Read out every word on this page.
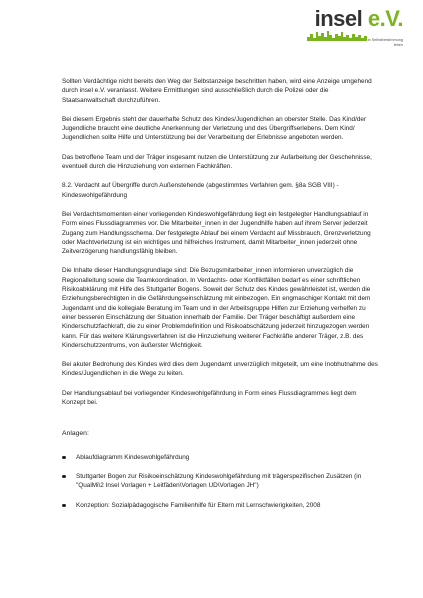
insel e.V.
in Selbstbestimmung
leben

Sollten Verdächtige nicht bereits den Weg der Selbstanzeige beschritten haben, wird eine Anzeige umgehend durch insel e.V. veranlasst. Weitere Ermittlungen sind ausschließlich durch die Polizei oder die Staatsanwaltschaft durchzuführen.

Bei diesem Ergebnis steht der dauerhafte Schutz des Kindes/Jugendlichen an oberster Stelle. Das Kind/der Jugendliche braucht eine deutliche Anerkennung der Verletzung und des Übergriffserlebens. Dem Kind/ Jugendlichen sollte Hilfe und Unterstützung bei der Verarbeitung der Erlebnisse angeboten werden.

Das betroffene Team und der Träger insgesamt nutzen die Unterstützung zur Aufarbeitung der Geschehnisse, eventuell durch die Hinzuziehung von externen Fachkräften.

8.2. Verdacht auf Übergriffe durch Außenstehende (abgestimmtes Verfahren gem. §8a SGB VIII) - Kindeswohlgefährdung

Bei Verdachtsmomenten einer vorliegenden Kindeswohlgefährdung liegt ein festgelegter Handlungsablauf in Form eines Flussdiagrammes vor. Die Mitarbeiter_innen in der Jugendhilfe haben auf ihrem Server jederzeit Zugang zum Handlungsschema. Der festgelegte Ablauf bei einem Verdacht auf Missbrauch, Grenzverletzung oder Machtverletzung ist ein wichtiges und hilfreiches Instrument, damit Mitarbeiter_innen jederzeit ohne Zeitverzögerung handlungsfähig bleiben.

Die Inhalte dieser Handlungsgrundlage sind: Die Bezugsmitarbeiter_innen informieren unverzüglich die Regionalleitung sowie die Teamkoordination. In Verdachts- oder Konfliktfällen bedarf es einer schriftlichen Risikoabklärung mit Hilfe des Stuttgarter Bogens. Soweit der Schutz des Kindes gewährleistet ist, werden die Erziehungsberechtigten in die Gefährdungseinschätzung mit einbezogen. Ein engmaschiger Kontakt mit dem Jugendamt und die kollegiale Beratung im Team und in der Arbeitsgruppe Hilfen zur Erziehung verhelfen zu einer besseren Einschätzung der Situation innerhalb der Familie. Der Träger beschäftigt außerdem eine Kinderschutzfachkraft, die zu einer Problemdefinition und Risikoabschätzung jederzeit hinzugezogen werden kann. Für das weitere Klärungsverfahren ist die Hinzuziehung weiterer Fachkräfte anderer Träger, z.B. des Kinderschutzzentrums, von äußerster Wichtigkeit.

Bei akuter Bedrohung des Kindes wird dies dem Jugendamt unverzüglich mitgeteilt, um eine Inobhutnahme des Kindes/Jugendlichen in die Wege zu leiten.

Der Handlungsablauf bei vorliegender Kindeswohlgefährdung in Form eines Flussdiagrammes liegt dem Konzept bei.

Anlagen:
Ablaufdiagramm Kindeswohlgefährdung
Stuttgarter Bogen zur Risikoeinschätzung Kindeswohlgefährdung mit trägerspezifischen Zusätzen (in "QualMi\2 Insel Vorlagen + Leitfäden\Vorlagen UD\Vorlagen JH")
Konzeption: Sozialpädagogische Familienhilfe für Eltern mit Lernschwierigkeiten, 2008
